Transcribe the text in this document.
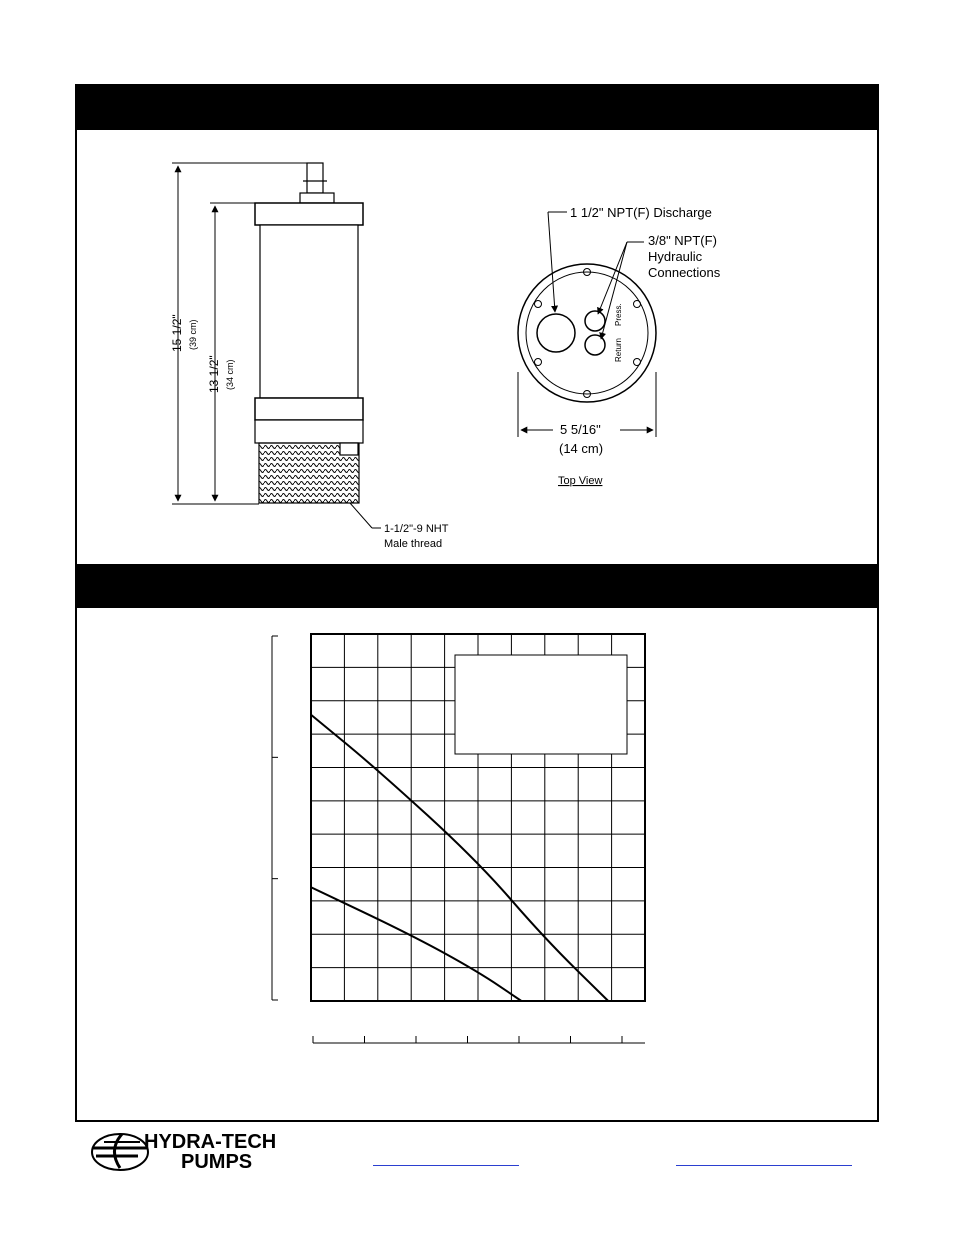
15 1/2" (39 cm)
13 1/2" (34 cm)
1-1/2"-9 NHT
Male thread
Press.
Return
1 1/2" NPT(F) Discharge
3/8" NPT(F)
Hydraulic
Connections
5 5/16"
(14 cm)
Top View
HYDRA-TECH
PUMPS
